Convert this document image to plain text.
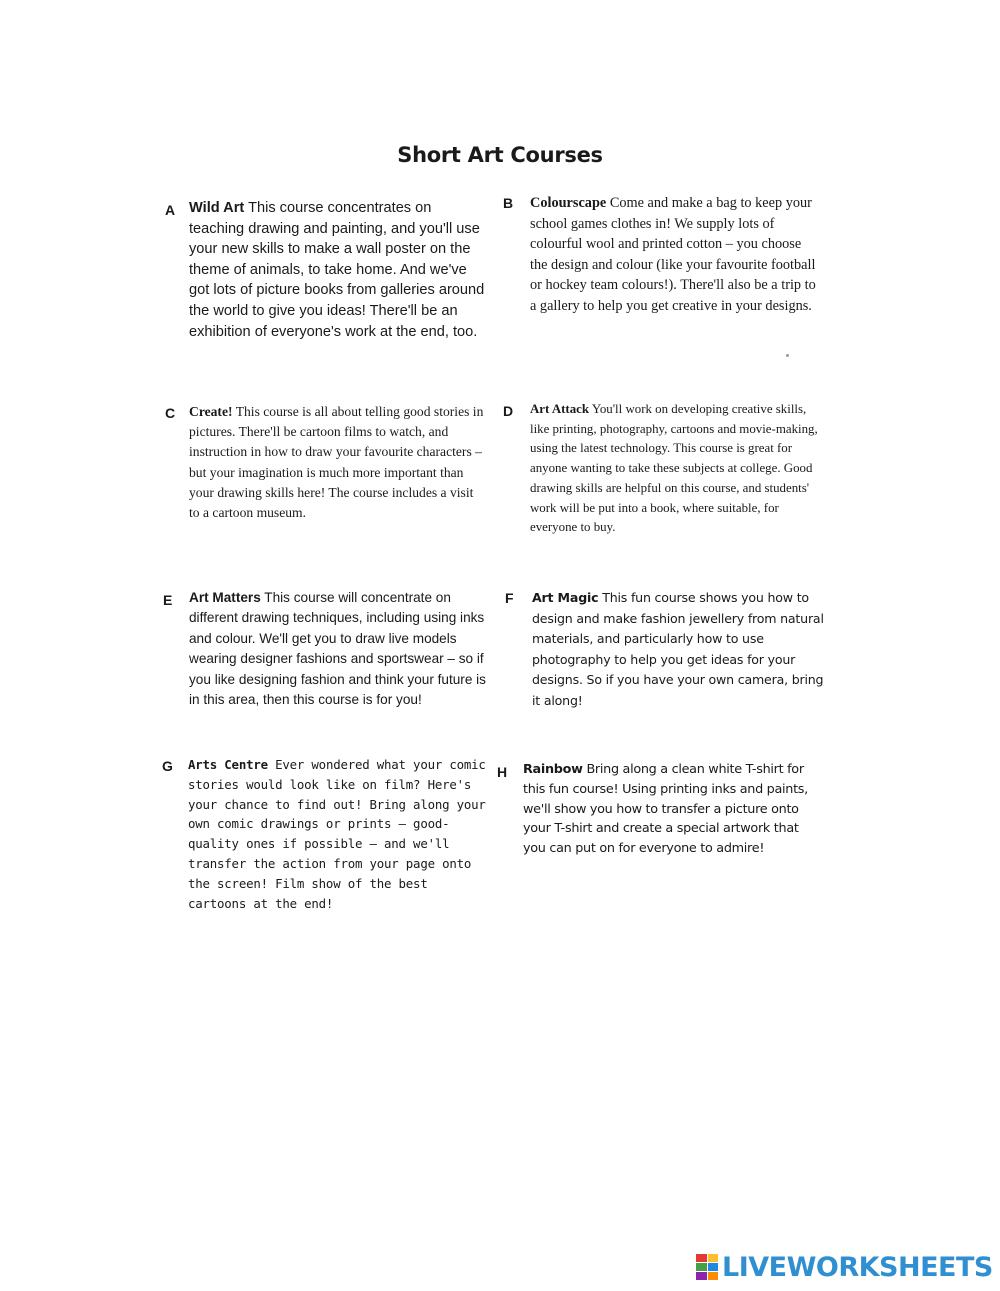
Short Art Courses
A Wild Art This course concentrates on teaching drawing and painting, and you'll use your new skills to make a wall poster on the theme of animals, to take home. And we've got lots of picture books from galleries around the world to give you ideas! There'll be an exhibition of everyone's work at the end, too.
B Colourscape Come and make a bag to keep your school games clothes in! We supply lots of colourful wool and printed cotton – you choose the design and colour (like your favourite football or hockey team colours!). There'll also be a trip to a gallery to help you get creative in your designs.
C Create! This course is all about telling good stories in pictures. There'll be cartoon films to watch, and instruction in how to draw your favourite characters – but your imagination is much more important than your drawing skills here! The course includes a visit to a cartoon museum.
D Art Attack You'll work on developing creative skills, like printing, photography, cartoons and movie-making, using the latest technology. This course is great for anyone wanting to take these subjects at college. Good drawing skills are helpful on this course, and students' work will be put into a book, where suitable, for everyone to buy.
E Art Matters This course will concentrate on different drawing techniques, including using inks and colour. We'll get you to draw live models wearing designer fashions and sportswear – so if you like designing fashion and think your future is in this area, then this course is for you!
F Art Magic This fun course shows you how to design and make fashion jewellery from natural materials, and particularly how to use photography to help you get ideas for your designs. So if you have your own camera, bring it along!
G Arts Centre Ever wondered what your comic stories would look like on film? Here's your chance to find out! Bring along your own comic drawings or prints – good-quality ones if possible – and we'll transfer the action from your page onto the screen! Film show of the best cartoons at the end!
H Rainbow Bring along a clean white T-shirt for this fun course! Using printing inks and paints, we'll show you how to transfer a picture onto your T-shirt and create a special artwork that you can put on for everyone to admire!
LIVEWORKSHEETS
